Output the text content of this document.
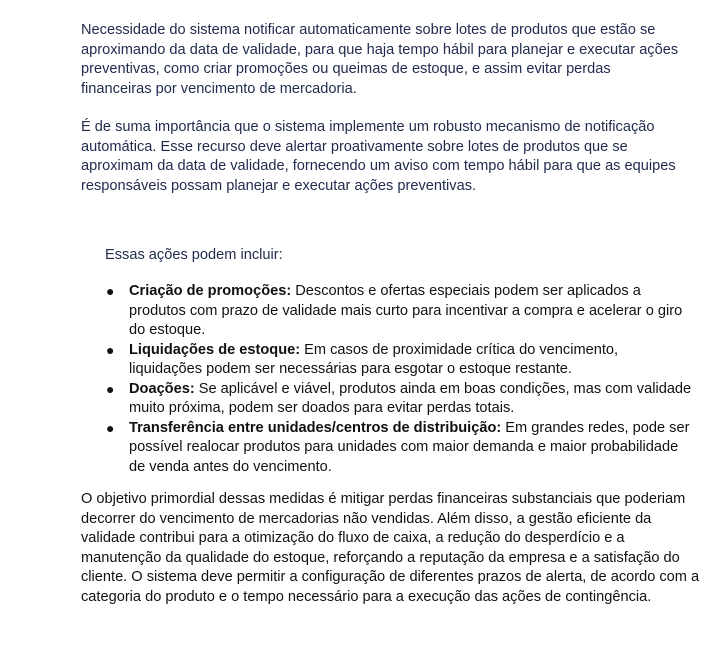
Necessidade do sistema notificar automaticamente sobre lotes de produtos que estão se aproximando da data de validade, para que haja tempo hábil para planejar e executar ações preventivas, como criar promoções ou queimas de estoque, e assim evitar perdas financeiras por vencimento de mercadoria.

É de suma importância que o sistema implemente um robusto mecanismo de notificação automática. Esse recurso deve alertar proativamente sobre lotes de produtos que se aproximam da data de validade, fornecendo um aviso com tempo hábil para que as equipes responsáveis possam planejar e executar ações preventivas.

Essas ações podem incluir:

● Criação de promoções: Descontos e ofertas especiais podem ser aplicados a produtos com prazo de validade mais curto para incentivar a compra e acelerar o giro do estoque.
● Liquidações de estoque: Em casos de proximidade crítica do vencimento, liquidações podem ser necessárias para esgotar o estoque restante.
● Doações: Se aplicável e viável, produtos ainda em boas condições, mas com validade muito próxima, podem ser doados para evitar perdas totais.
● Transferência entre unidades/centros de distribuição: Em grandes redes, pode ser possível realocar produtos para unidades com maior demanda e maior probabilidade de venda antes do vencimento.

O objetivo primordial dessas medidas é mitigar perdas financeiras substanciais que poderiam decorrer do vencimento de mercadorias não vendidas. Além disso, a gestão eficiente da validade contribui para a otimização do fluxo de caixa, a redução do desperdício e a manutenção da qualidade do estoque, reforçando a reputação da empresa e a satisfação do cliente. O sistema deve permitir a configuração de diferentes prazos de alerta, de acordo com a categoria do produto e o tempo necessário para a execução das ações de contingência.
